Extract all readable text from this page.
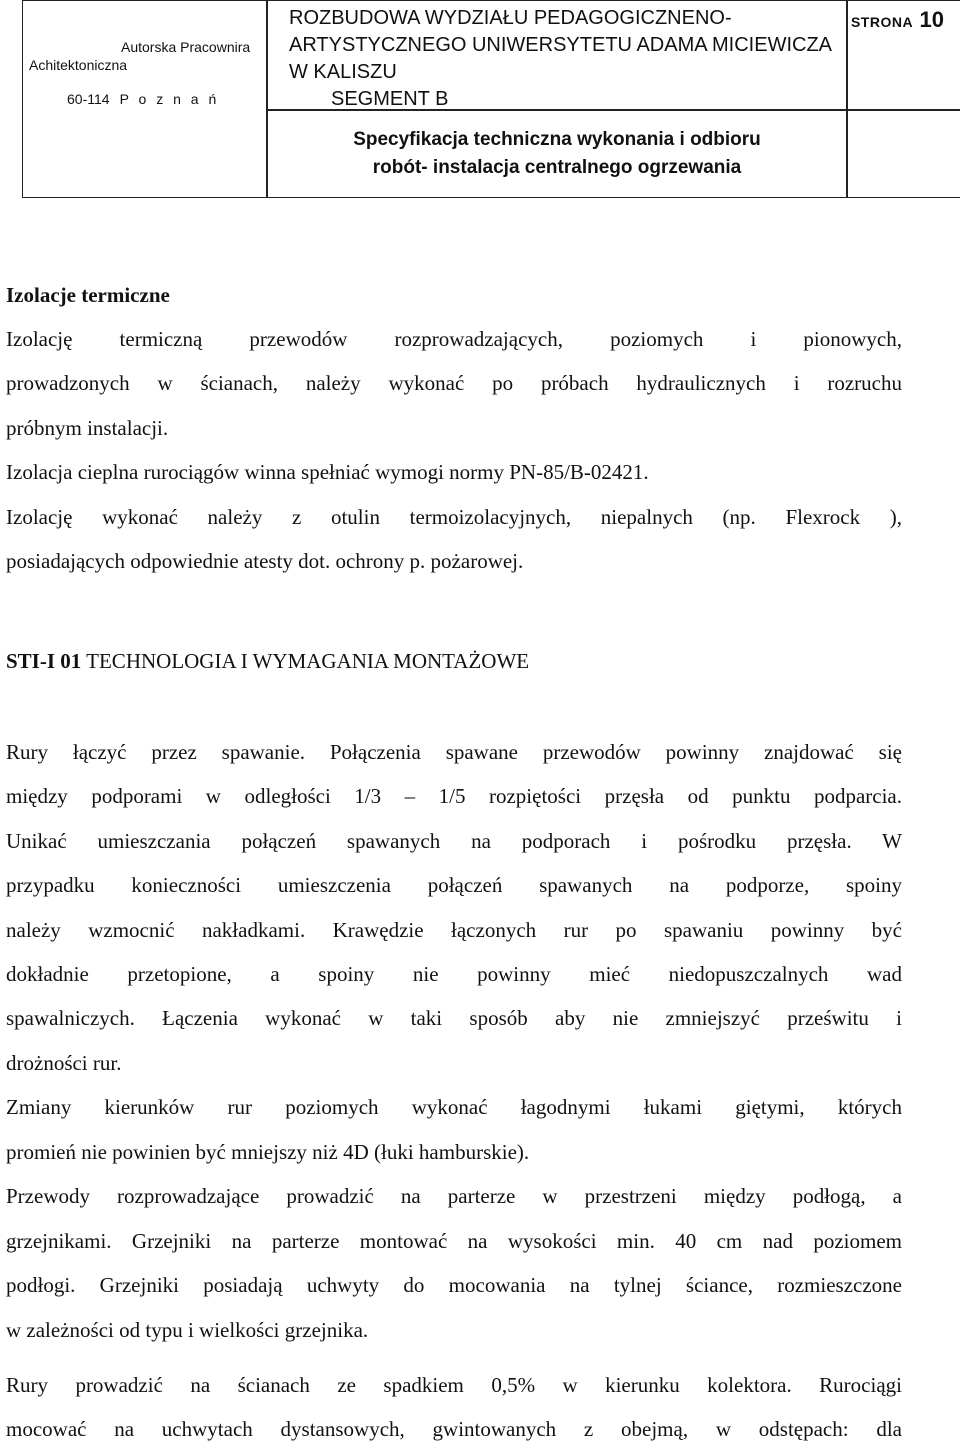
Autorska Pracownira
Achitektoniczna
60-114 P o z n a ń
ROZBUDOWA WYDZIAŁU PEDAGOGICZNENO-
ARTYSTYCZNEGO UNIWERSYTETU ADAMA MICIEWICZA
W KALISZU
SEGMENT B
STRONA 10
Specyfikacja techniczna wykonania i odbioru
robót- instalacja centralnego ogrzewania
Izolacje termiczne
Izolację termiczną przewodów rozprowadzających, poziomych i pionowych,
prowadzonych w ścianach, należy wykonać po próbach hydraulicznych i rozruchu
próbnym instalacji.
Izolacja cieplna rurociągów winna spełniać wymogi normy PN-85/B-02421.
Izolację wykonać należy z otulin termoizolacyjnych, niepalnych (np. Flexrock ),
posiadających odpowiednie atesty dot. ochrony p. pożarowej.
STI-I 01 TECHNOLOGIA I WYMAGANIA MONTAŻOWE
Rury łączyć przez spawanie. Połączenia spawane przewodów powinny znajdować się
między podporami w odległości 1/3 – 1/5 rozpiętości przęsła od punktu podparcia.
Unikać umieszczania połączeń spawanych na podporach i pośrodku przęsła. W
przypadku konieczności umieszczenia połączeń spawanych na podporze, spoiny
należy wzmocnić nakładkami. Krawędzie łączonych rur po spawaniu powinny być
dokładnie przetopione, a spoiny nie powinny mieć niedopuszczalnych wad
spawalniczych. Łączenia wykonać w taki sposób aby nie zmniejszyć prześwitu i
drożności rur.
Zmiany kierunków rur poziomych wykonać łagodnymi łukami giętymi, których
promień nie powinien być mniejszy niż 4D (łuki hamburskie).
Przewody rozprowadzające prowadzić na parterze w przestrzeni między podłogą, a
grzejnikami. Grzejniki na parterze montować na wysokości min. 40 cm nad poziomem
podłogi. Grzejniki posiadają uchwyty do mocowania na tylnej ściance, rozmieszczone
w zależności od typu i wielkości grzejnika.
Rury prowadzić na ścianach ze spadkiem 0,5% w kierunku kolektora. Rurociągi
mocować na uchwytach dystansowych, gwintowanych z obejmą, w odstępach: dla
